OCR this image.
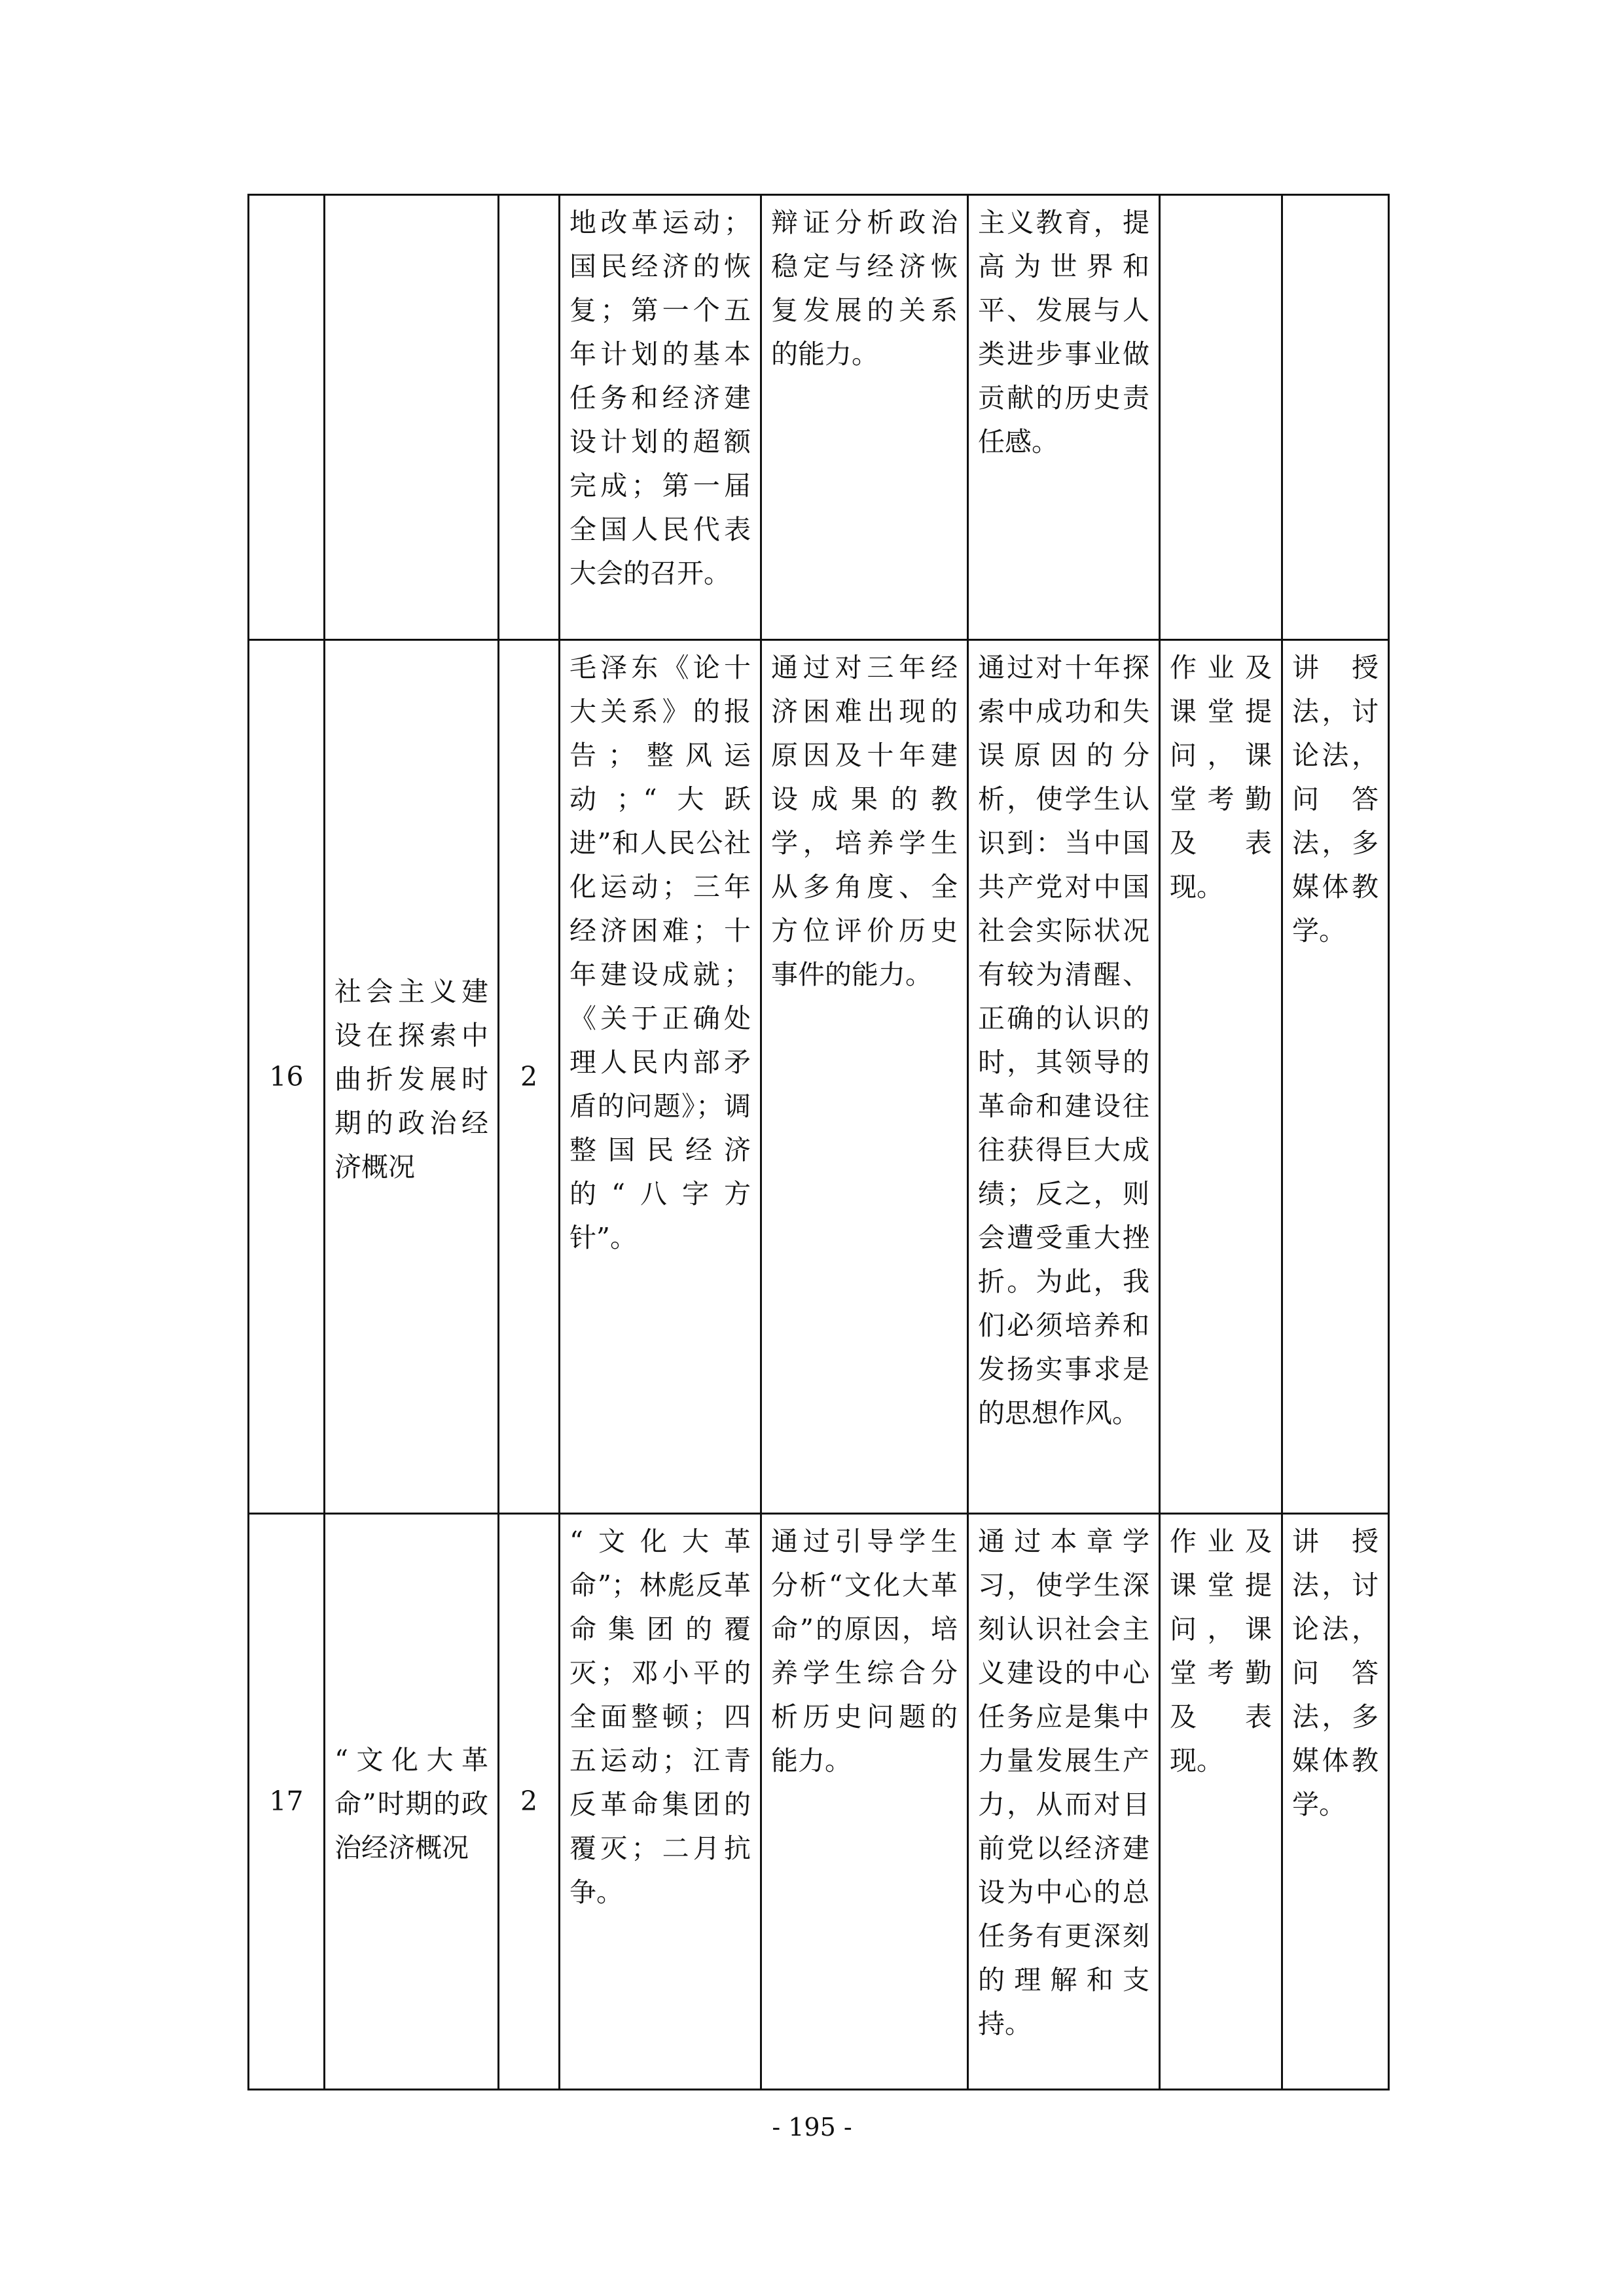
			地改革运动；国民经济的恢复；第一个五年计划的基本任务和经济建设计划的超额完成；第一届全国人民代表大会的召开。	辩证分析政治稳定与经济恢复发展的关系的能力。	主义教育，提高为世界和平、发展与人类进步事业做贡献的历史责任感。		
16	社会主义建设在探索中曲折发展时期的政治经济概况	2	毛泽东《论十大关系》的报告；整风运动；“大跃进”和人民公社化运动；三年经济困难；十年建设成就；《关于正确处理人民内部矛盾的问题》；调整国民经济的“八字方针”。	通过对三年经济困难出现的原因及十年建设成果的教学，培养学生从多角度、全方位评价历史事件的能力。	通过对十年探索中成功和失误原因的分析，使学生认识到：当中国共产党对中国社会实际状况有较为清醒、正确的认识的时，其领导的革命和建设往往获得巨大成绩；反之，则会遭受重大挫折。为此，我们必须培养和发扬实事求是的思想作风。	作业及课堂提问，课堂考勤及表现。	讲授法，讨论法，问答法，多媒体教学。
17	“文化大革命”时期的政治经济概况	2	“文化大革命”；林彪反革命集团的覆灭；邓小平的全面整顿；四五运动；江青反革命集团的覆灭；二月抗争。	通过引导学生分析“文化大革命”的原因，培养学生综合分析历史问题的能力。	通过本章学习，使学生深刻认识社会主义建设的中心任务应是集中力量发展生产力，从而对目前党以经济建设为中心的总任务有更深刻的理解和支持。	作业及课堂提问，课堂考勤及表现。	讲授法，讨论法，问答法，多媒体教学。
- 195 -
